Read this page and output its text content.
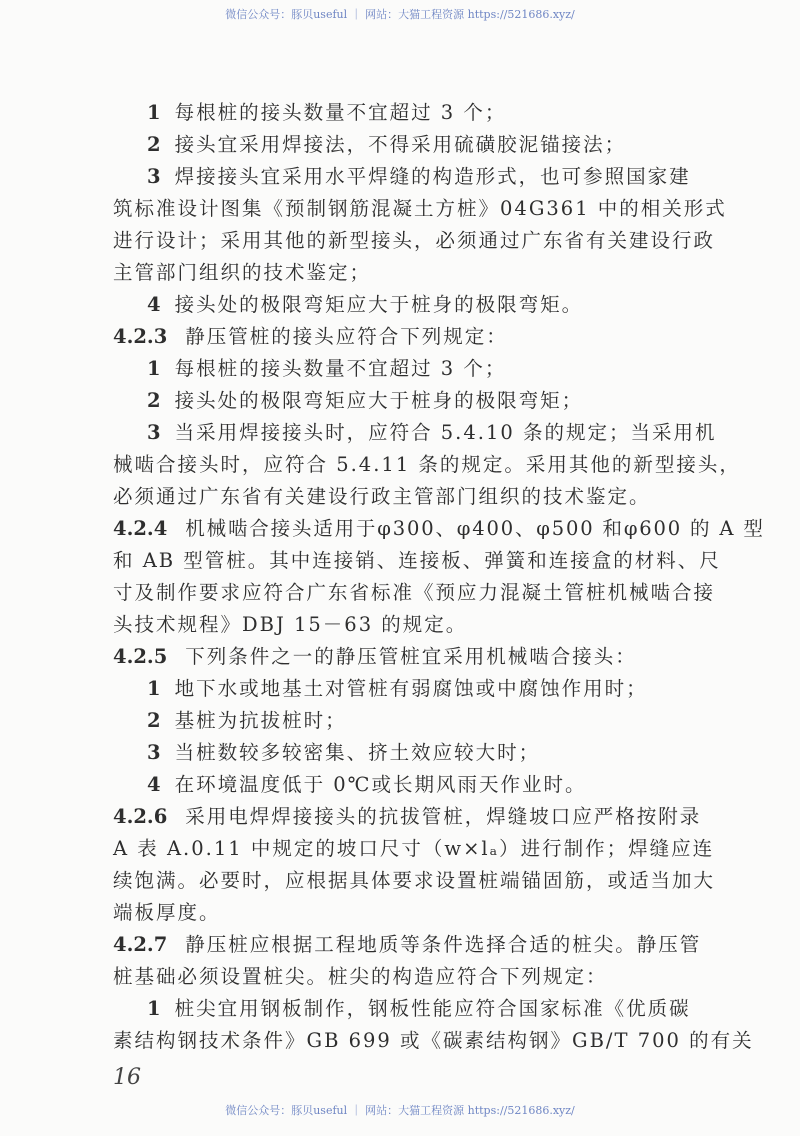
微信公众号：豚贝useful ｜ 网站：大猫工程资源 https://521686.xyz/
1 每根桩的接头数量不宜超过 3 个；
2 接头宜采用焊接法，不得采用硫磺胶泥锚接法；
3 焊接接头宜采用水平焊缝的构造形式，也可参照国家建
筑标准设计图集《预制钢筋混凝土方桩》04G361 中的相关形式
进行设计；采用其他的新型接头，必须通过广东省有关建设行政
主管部门组织的技术鉴定；
4 接头处的极限弯矩应大于桩身的极限弯矩。
4.2.3 静压管桩的接头应符合下列规定：
1 每根桩的接头数量不宜超过 3 个；
2 接头处的极限弯矩应大于桩身的极限弯矩；
3 当采用焊接接头时，应符合 5.4.10 条的规定；当采用机
械啮合接头时，应符合 5.4.11 条的规定。采用其他的新型接头，
必须通过广东省有关建设行政主管部门组织的技术鉴定。
4.2.4 机械啮合接头适用于φ300、φ400、φ500 和φ600 的 A 型
和 AB 型管桩。其中连接销、连接板、弹簧和连接盒的材料、尺
寸及制作要求应符合广东省标准《预应力混凝土管桩机械啮合接
头技术规程》DBJ 15－63 的规定。
4.2.5 下列条件之一的静压管桩宜采用机械啮合接头：
1 地下水或地基土对管桩有弱腐蚀或中腐蚀作用时；
2 基桩为抗拔桩时；
3 当桩数较多较密集、挤土效应较大时；
4 在环境温度低于 0℃或长期风雨天作业时。
4.2.6 采用电焊焊接接头的抗拔管桩，焊缝坡口应严格按附录
A 表 A.0.11 中规定的坡口尺寸（w×lₐ）进行制作；焊缝应连
续饱满。必要时，应根据具体要求设置桩端锚固筋，或适当加大
端板厚度。
4.2.7 静压桩应根据工程地质等条件选择合适的桩尖。静压管
桩基础必须设置桩尖。桩尖的构造应符合下列规定：
1 桩尖宜用钢板制作，钢板性能应符合国家标准《优质碳
素结构钢技术条件》GB 699 或《碳素结构钢》GB/T 700 的有关
16
微信公众号：豚贝useful ｜ 网站：大猫工程资源 https://521686.xyz/
